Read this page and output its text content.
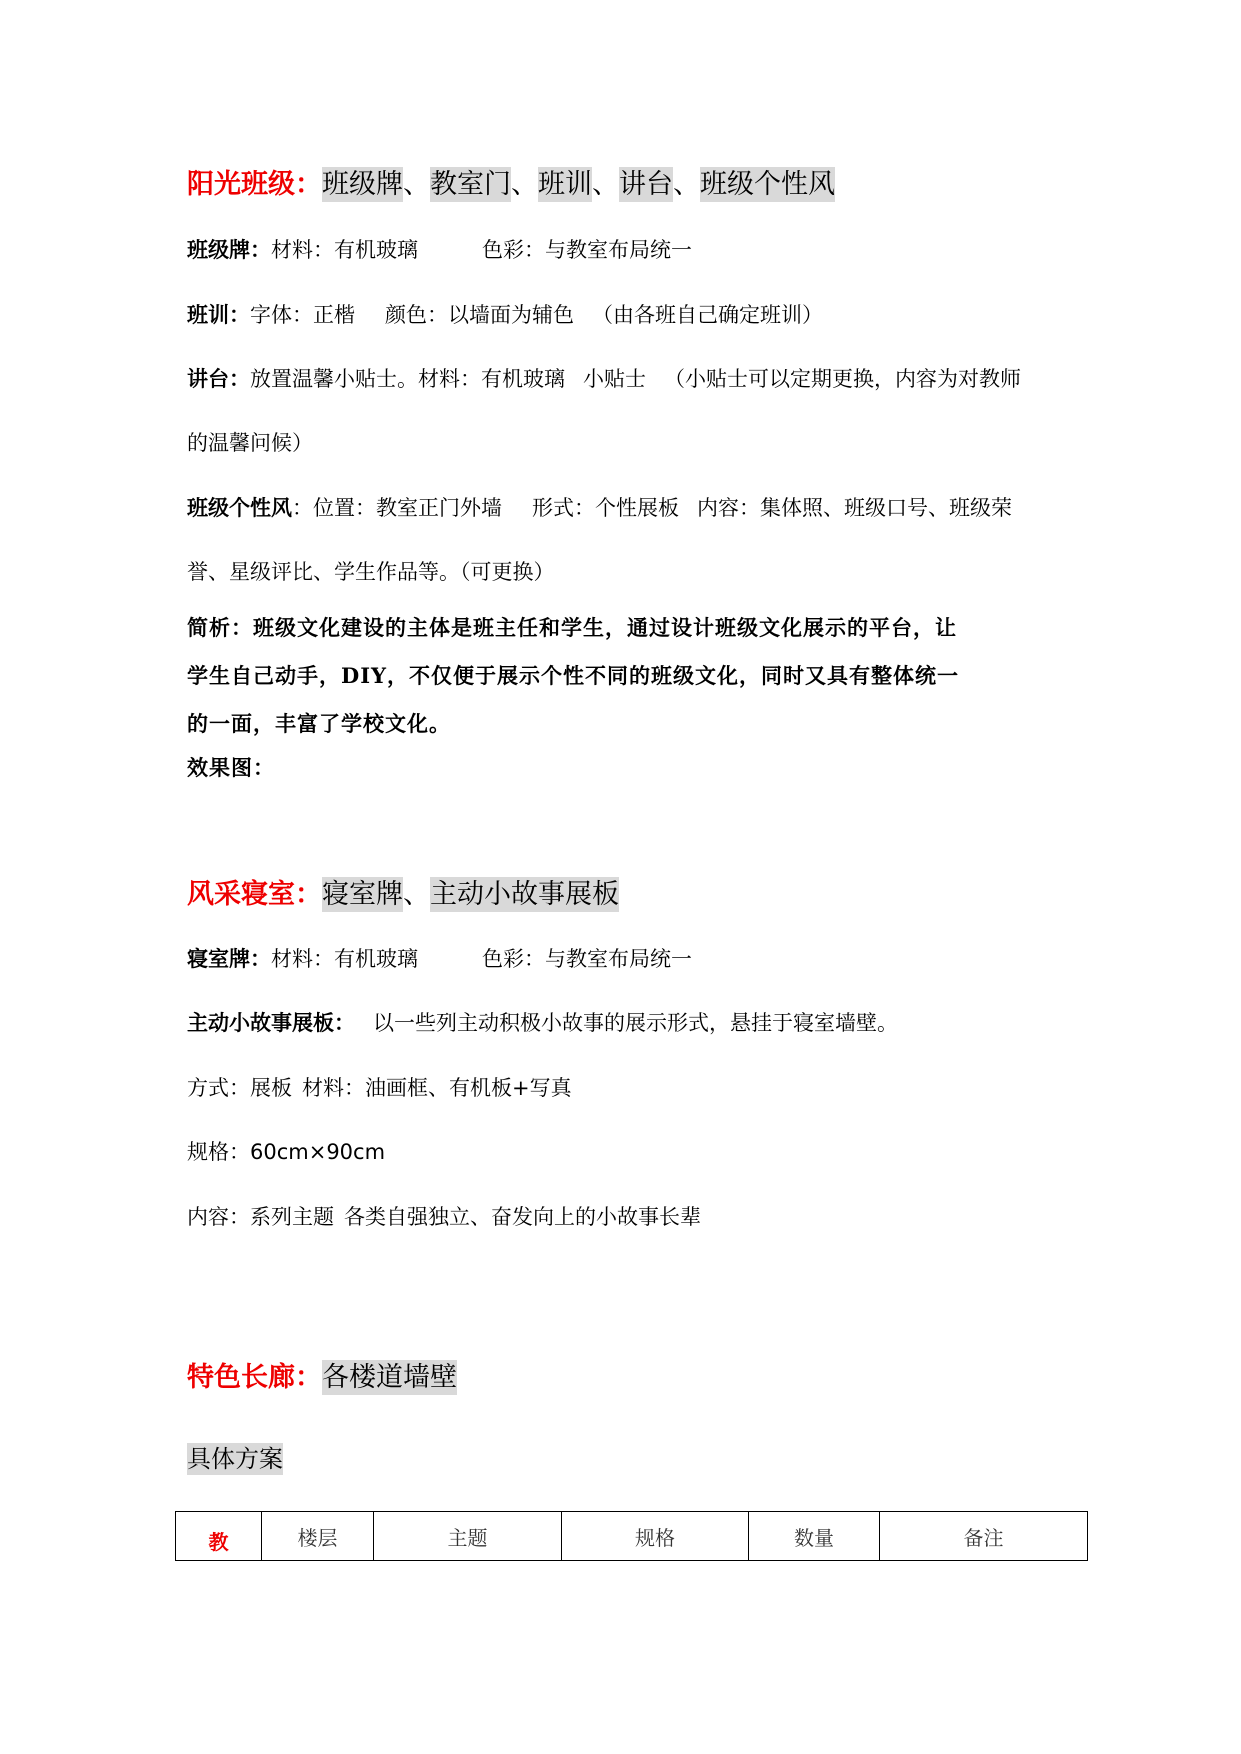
阳光班级：班级牌、教室门、班训、讲台、班级个性风
班级牌：材料：有机玻璃	色彩：与教室布局统一
班训：字体：正楷 颜色：以墙面为辅色 （由各班自己确定班训）
讲台：放置温馨小贴士。材料：有机玻璃 小贴士 （小贴士可以定期更换，内容为对教师
的温馨问候）
班级个性风：位置：教室正门外墙 形式：个性展板 内容：集体照、班级口号、班级荣
誉、星级评比、学生作品等。（可更换）
简析：班级文化建设的主体是班主任和学生，通过设计班级文化展示的平台，让
学生自己动手，DIY，不仅便于展示个性不同的班级文化，同时又具有整体统一
的一面，丰富了学校文化。
效果图：
风采寝室：寝室牌、主动小故事展板
寝室牌：材料：有机玻璃	色彩：与教室布局统一
主动小故事展板： 以一些列主动积极小故事的展示形式，悬挂于寝室墙壁。
方式：展板 材料：油画框、有机板+写真
规格：60cm×90cm
内容：系列主题 各类自强独立、奋发向上的小故事长辈
特色长廊：各楼道墙壁
具体方案
教	楼层	主题	规格	数量	备注
